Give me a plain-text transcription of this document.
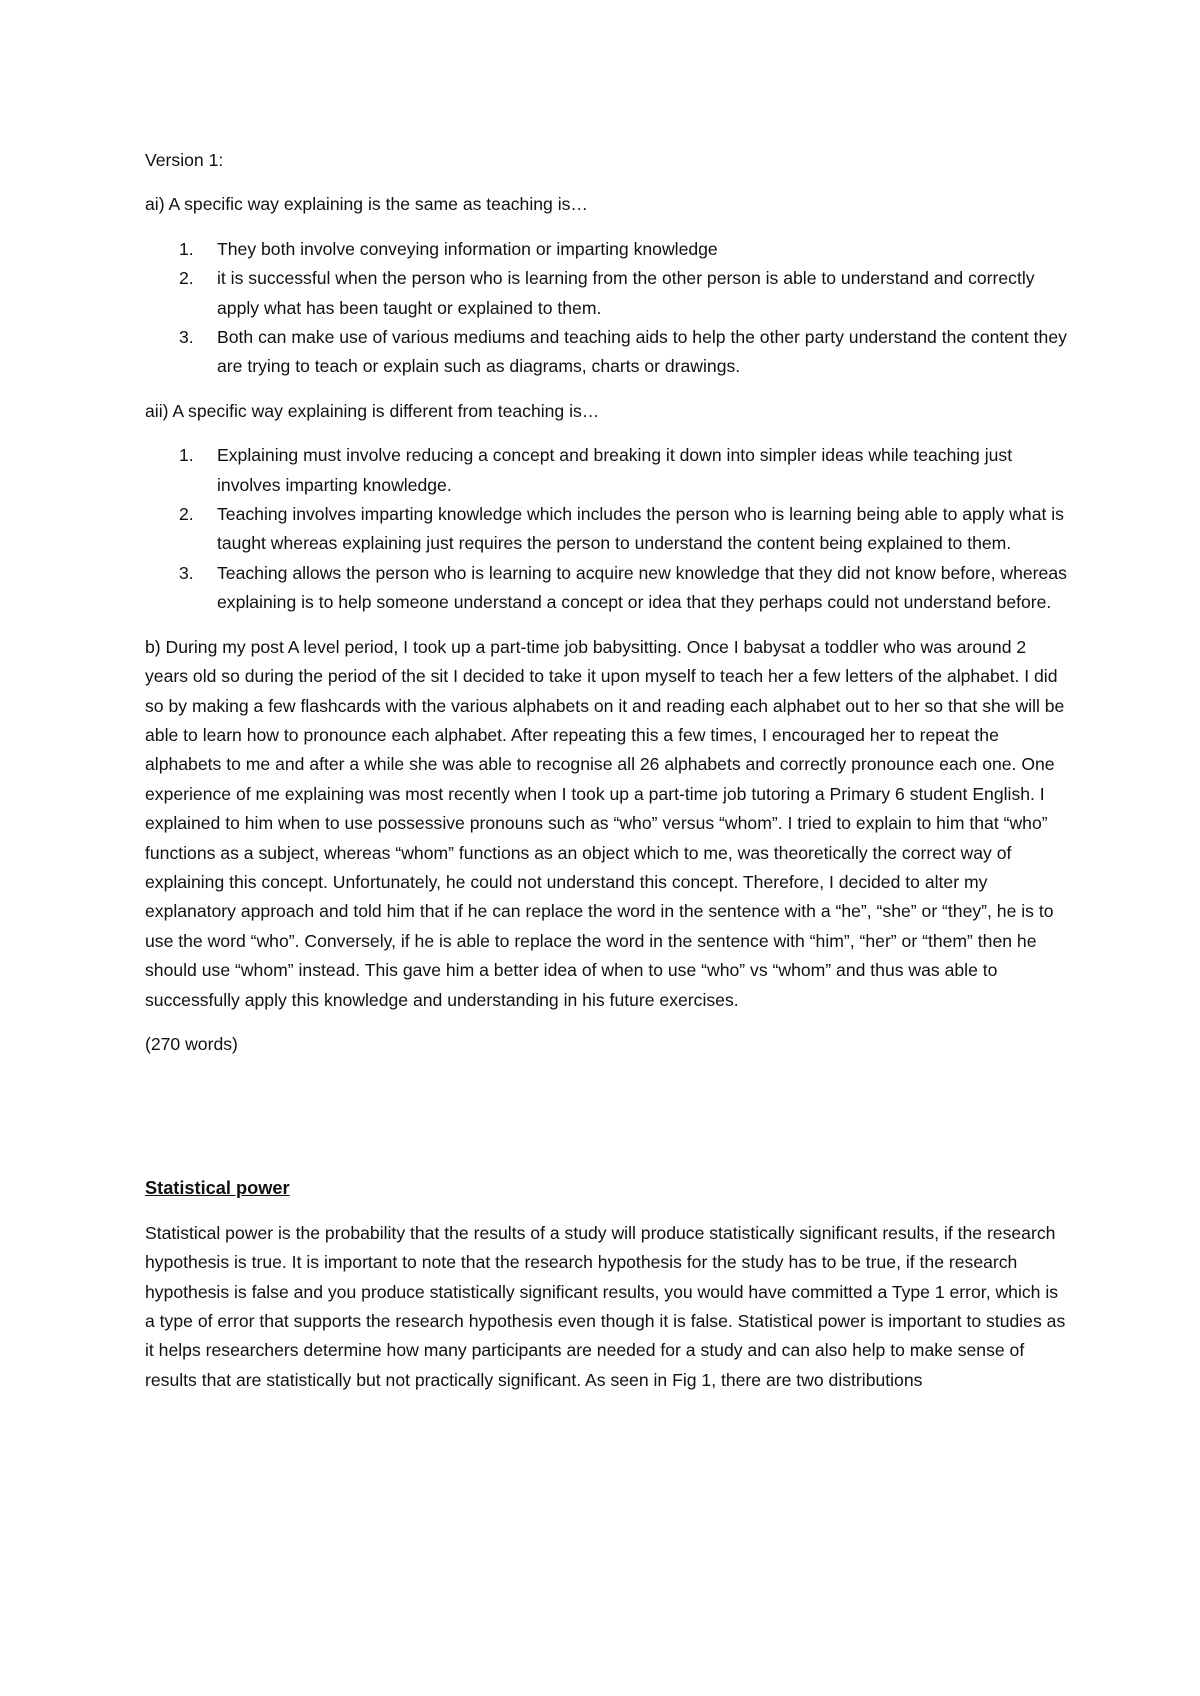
Version 1:

ai) A specific way explaining is the same as teaching is…

1.	They both involve conveying information or imparting knowledge
2.	it is successful when the person who is learning from the other person is able to understand and correctly apply what has been taught or explained to them.
3.	Both can make use of various mediums and teaching aids to help the other party understand the content they are trying to teach or explain such as diagrams, charts or drawings.

aii) A specific way explaining is different from teaching is…

1.	Explaining must involve reducing a concept and breaking it down into simpler ideas while teaching just involves imparting knowledge.
2.	Teaching involves imparting knowledge which includes the person who is learning being able to apply what is taught whereas explaining just requires the person to understand the content being explained to them.
3.	Teaching allows the person who is learning to acquire new knowledge that they did not know before, whereas explaining is to help someone understand a concept or idea that they perhaps could not understand before.

b) During my post A level period, I took up a part-time job babysitting. Once I babysat a toddler who was around 2 years old so during the period of the sit I decided to take it upon myself to teach her a few letters of the alphabet. I did so by making a few flashcards with the various alphabets on it and reading each alphabet out to her so that she will be able to learn how to pronounce each alphabet. After repeating this a few times, I encouraged her to repeat the alphabets to me and after a while she was able to recognise all 26 alphabets and correctly pronounce each one. One experience of me explaining was most recently when I took up a part-time job tutoring a Primary 6 student English. I explained to him when to use possessive pronouns such as “who” versus “whom”. I tried to explain to him that “who” functions as a subject, whereas “whom” functions as an object which to me, was theoretically the correct way of explaining this concept. Unfortunately, he could not understand this concept. Therefore, I decided to alter my explanatory approach and told him that if he can replace the word in the sentence with a “he”, “she” or “they”, he is to use the word “who”. Conversely, if he is able to replace the word in the sentence with “him”, “her” or “them” then he should use “whom” instead. This gave him a better idea of when to use “who” vs “whom” and thus was able to successfully apply this knowledge and understanding in his future exercises.

(270 words)

Statistical power

Statistical power is the probability that the results of a study will produce statistically significant results, if the research hypothesis is true. It is important to note that the research hypothesis for the study has to be true, if the research hypothesis is false and you produce statistically significant results, you would have committed a Type 1 error, which is a type of error that supports the research hypothesis even though it is false. Statistical power is important to studies as it helps researchers determine how many participants are needed for a study and can also help to make sense of results that are statistically but not practically significant. As seen in Fig 1, there are two distributions
